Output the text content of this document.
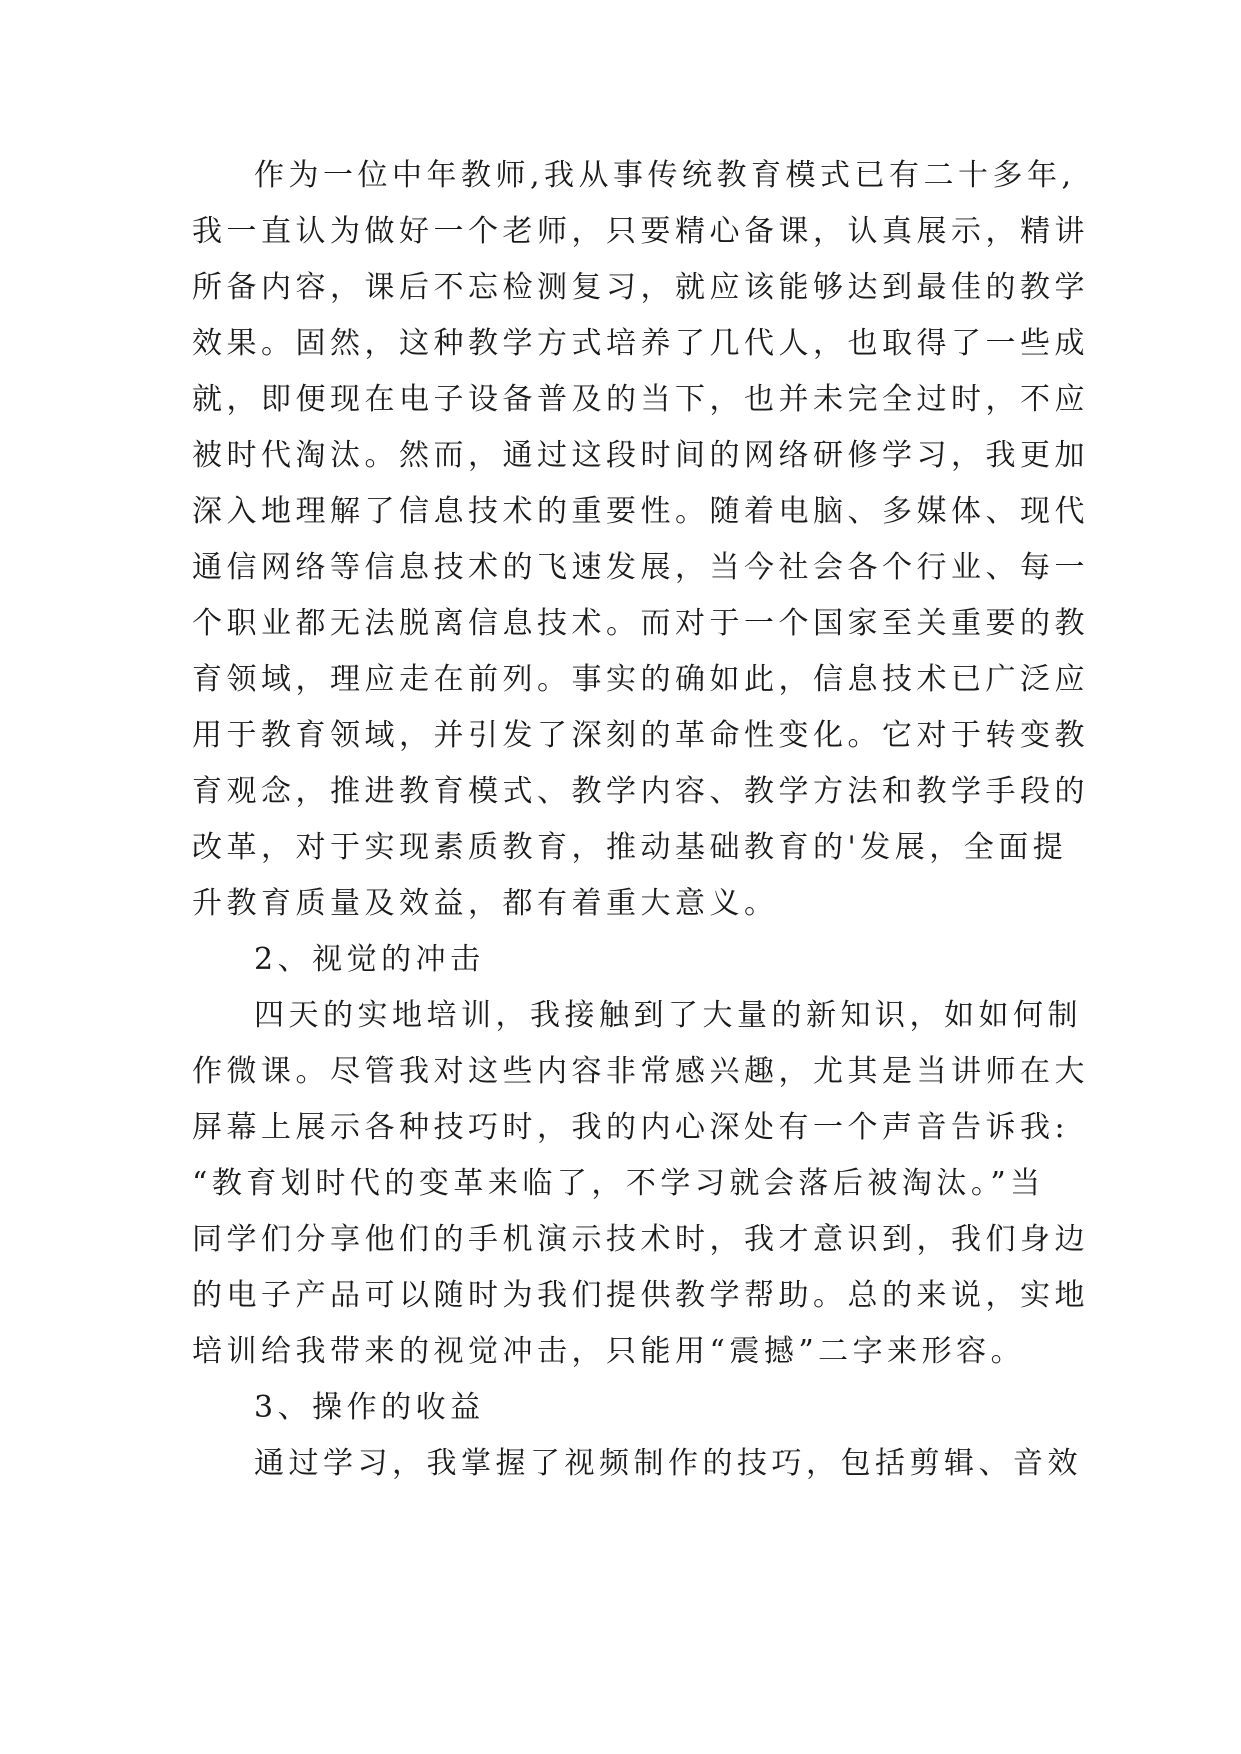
作为一位中年教师,我从事传统教育模式已有二十多年,
我一直认为做好一个老师，只要精心备课，认真展示，精讲
所备内容，课后不忘检测复习，就应该能够达到最佳的教学
效果。固然，这种教学方式培养了几代人，也取得了一些成
就，即便现在电子设备普及的当下，也并未完全过时，不应
被时代淘汰。然而，通过这段时间的网络研修学习，我更加
深入地理解了信息技术的重要性。随着电脑、多媒体、现代
通信网络等信息技术的飞速发展，当今社会各个行业、每一
个职业都无法脱离信息技术。而对于一个国家至关重要的教
育领域，理应走在前列。事实的确如此，信息技术已广泛应
用于教育领域，并引发了深刻的革命性变化。它对于转变教
育观念，推进教育模式、教学内容、教学方法和教学手段的
改革，对于实现素质教育，推动基础教育的'发展，全面提
升教育质量及效益，都有着重大意义。
2、视觉的冲击
四天的实地培训，我接触到了大量的新知识，如如何制
作微课。尽管我对这些内容非常感兴趣，尤其是当讲师在大
屏幕上展示各种技巧时，我的内心深处有一个声音告诉我:
“教育划时代的变革来临了，不学习就会落后被淘汰。”当
同学们分享他们的手机演示技术时，我才意识到，我们身边
的电子产品可以随时为我们提供教学帮助。总的来说，实地
培训给我带来的视觉冲击，只能用“震撼”二字来形容。
3、操作的收益
通过学习，我掌握了视频制作的技巧，包括剪辑、音效
